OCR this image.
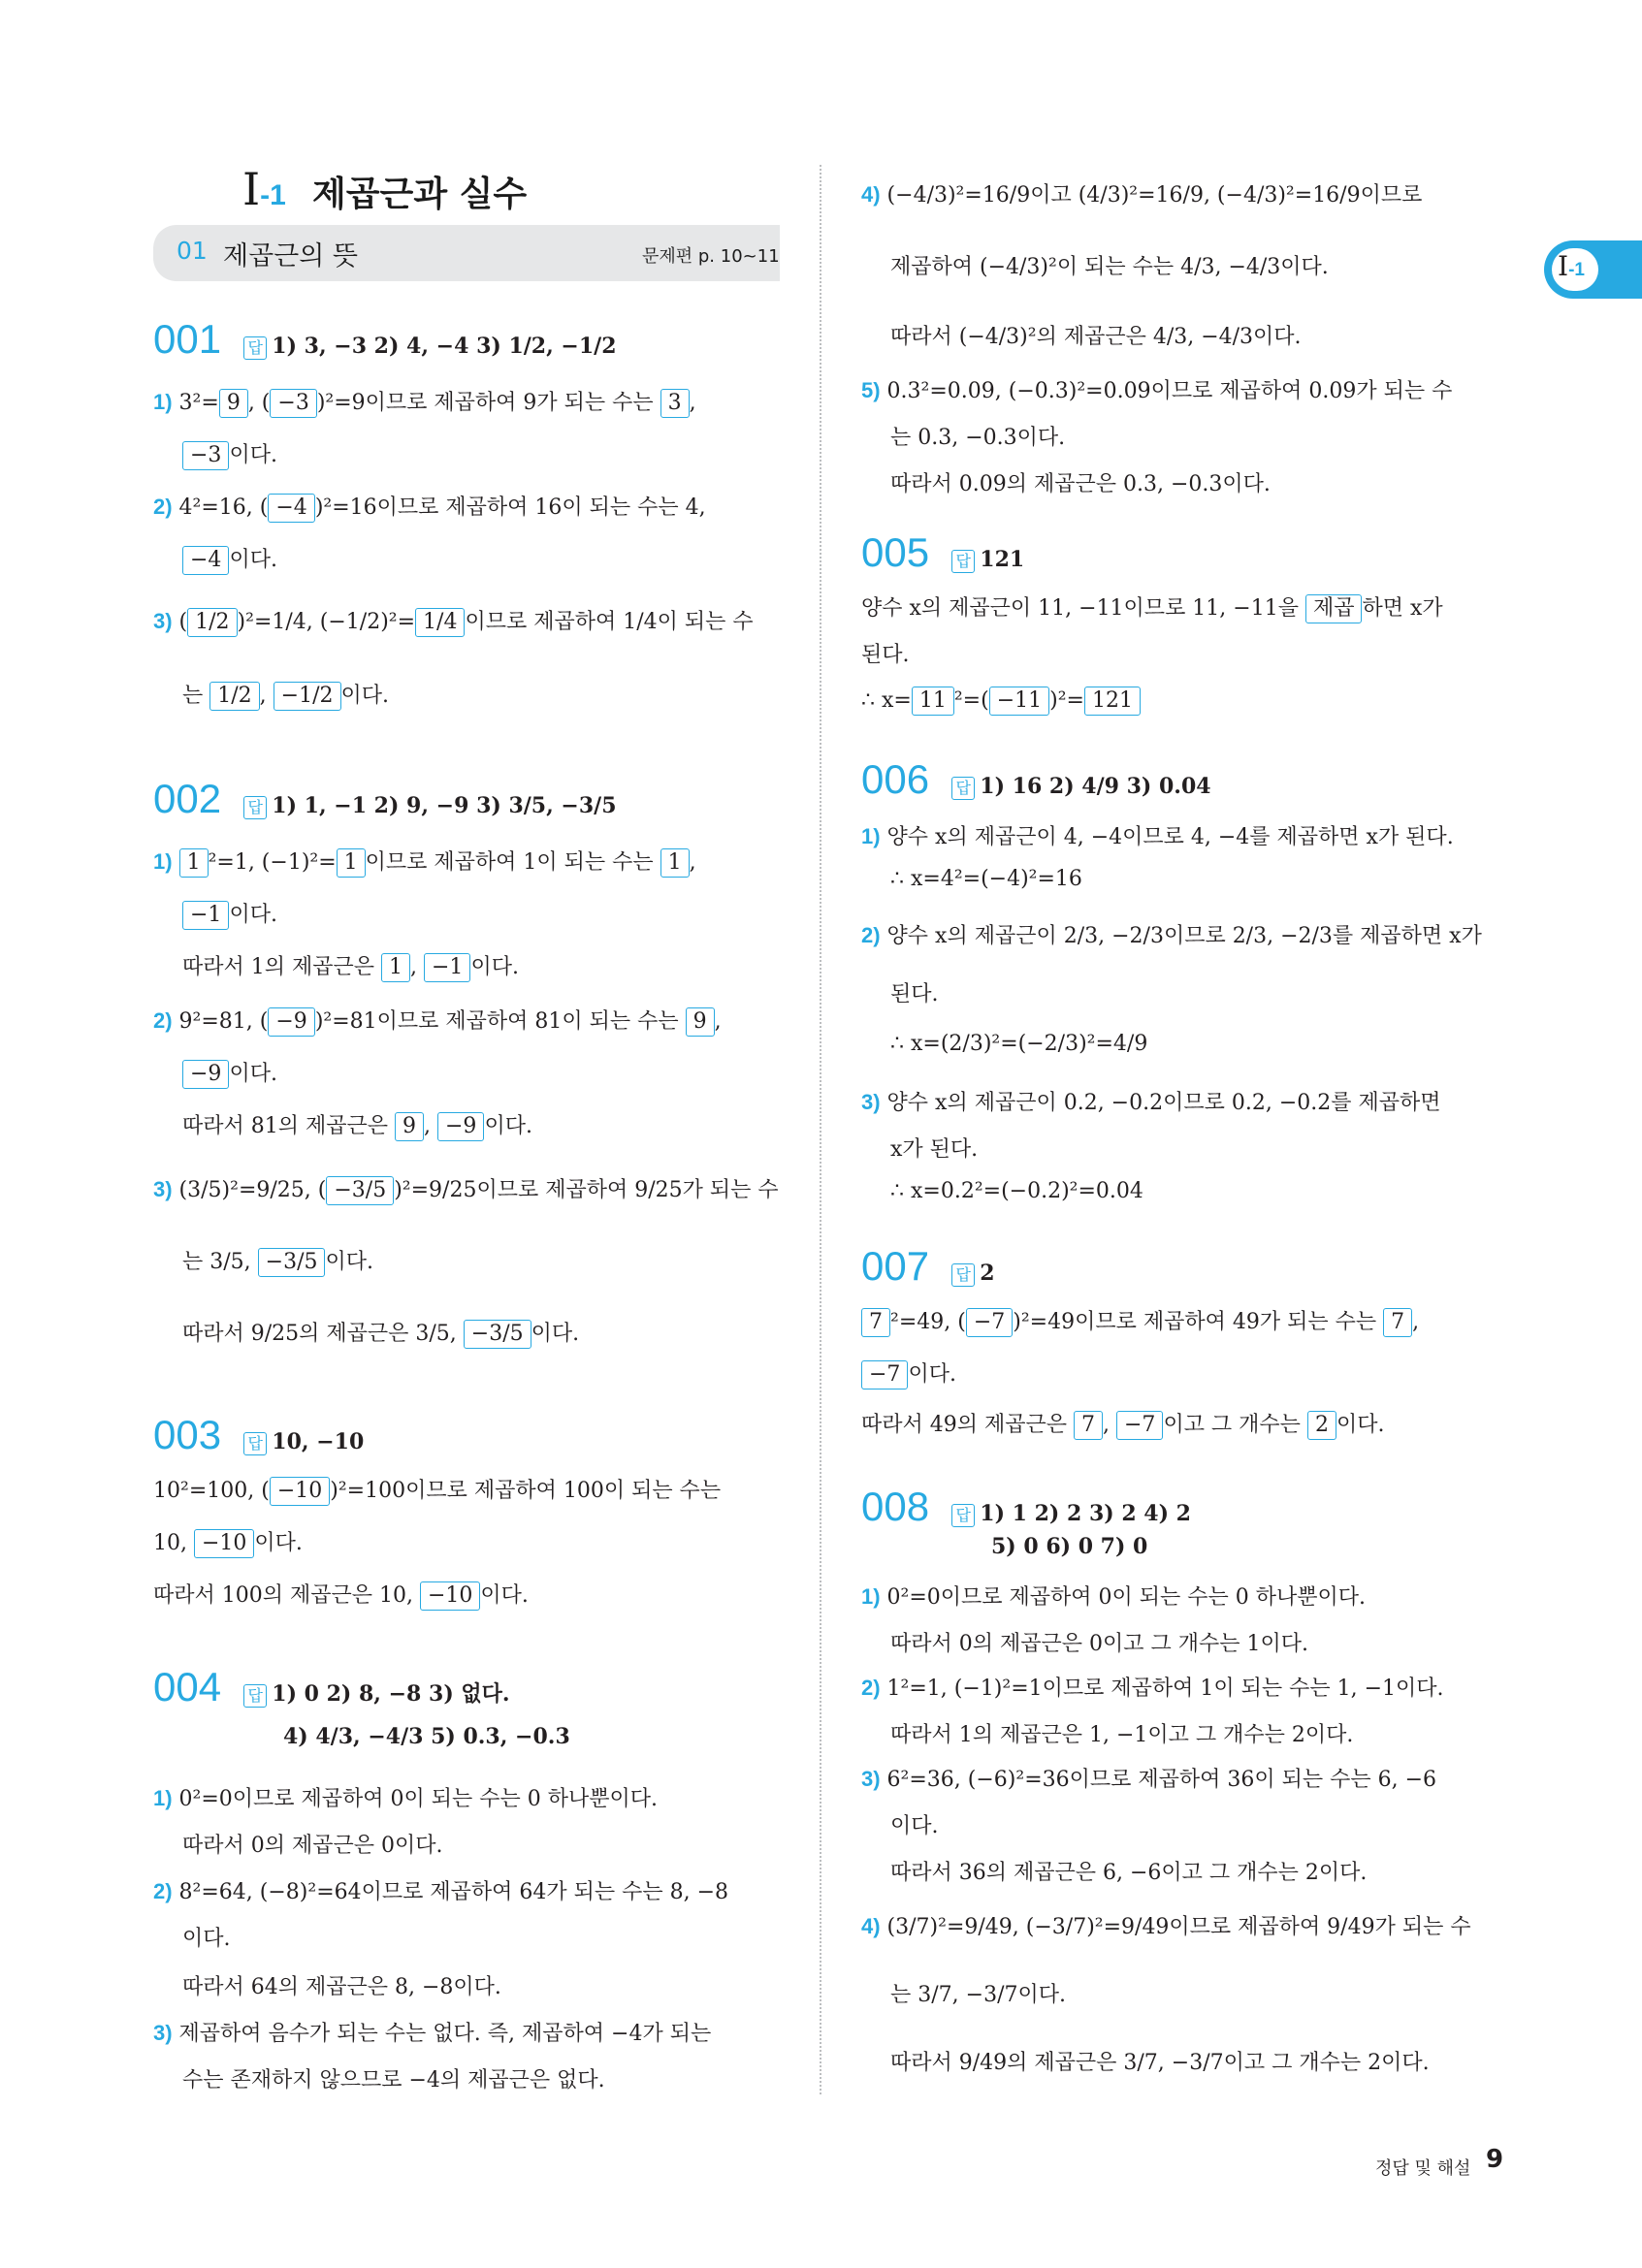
I-1 제곱근과 실수
01 제곱근의 뜻	문제편 p. 10~11	I-1
001 답 1) 3, −3 2) 4, −4 3) 1/2, −1/2
1) 3²= 9 , ( −3 )²=9이므로 제곱하여 9가 되는 수는 3 ,
−3 이다.
2) 4²=16, ( −4 )²=16이므로 제곱하여 16이 되는 수는 4,
−4 이다.
3) ( 1/2 )²=1/4, (−1/2)²= 1/4 이므로 제곱하여 1/4이 되는 수
는 1/2 , −1/2 이다.
002 답 1) 1, −1 2) 9, −9 3) 3/5, −3/5
1) 1 ²=1, (−1)²= 1 이므로 제곱하여 1이 되는 수는 1 ,
−1 이다.
따라서 1의 제곱근은 1 , −1 이다.
2) 9²=81, ( −9 )²=81이므로 제곱하여 81이 되는 수는 9 ,
−9 이다.
따라서 81의 제곱근은 9 , −9 이다.
3) (3/5)²=9/25, ( −3/5 )²=9/25이므로 제곱하여 9/25가 되는 수
는 3/5, −3/5 이다.
따라서 9/25의 제곱근은 3/5, −3/5 이다.
003 답 10, −10
10²=100, ( −10 )²=100이므로 제곱하여 100이 되는 수는
10, −10 이다.
따라서 100의 제곱근은 10, −10 이다.
004 답 1) 0 2) 8, −8 3) 없다.
4) 4/3, −4/3 5) 0.3, −0.3
1) 0²=0이므로 제곱하여 0이 되는 수는 0 하나뿐이다.
따라서 0의 제곱근은 0이다.
2) 8²=64, (−8)²=64이므로 제곱하여 64가 되는 수는 8, −8
이다.
따라서 64의 제곱근은 8, −8이다.
3) 제곱하여 음수가 되는 수는 없다. 즉, 제곱하여 −4가 되는
수는 존재하지 않으므로 −4의 제곱근은 없다.
4) (−4/3)²=16/9이고 (4/3)²=16/9, (−4/3)²=16/9이므로
제곱하여 (−4/3)²이 되는 수는 4/3, −4/3이다.
따라서 (−4/3)²의 제곱근은 4/3, −4/3이다.
5) 0.3²=0.09, (−0.3)²=0.09이므로 제곱하여 0.09가 되는 수
는 0.3, −0.3이다.
따라서 0.09의 제곱근은 0.3, −0.3이다.
005 답 121
양수 x의 제곱근이 11, −11이므로 11, −11을 제곱 하면 x가
된다.
∴ x= 11 ²=( −11 )²= 121
006 답 1) 16 2) 4/9 3) 0.04
1) 양수 x의 제곱근이 4, −4이므로 4, −4를 제곱하면 x가 된다.
∴ x=4²=(−4)²=16
2) 양수 x의 제곱근이 2/3, −2/3이므로 2/3, −2/3를 제곱하면 x가
된다.
∴ x=(2/3)²=(−2/3)²=4/9
3) 양수 x의 제곱근이 0.2, −0.2이므로 0.2, −0.2를 제곱하면
x가 된다.
∴ x=0.2²=(−0.2)²=0.04
007 답 2
7 ²=49, ( −7 )²=49이므로 제곱하여 49가 되는 수는 7 ,
−7 이다.
따라서 49의 제곱근은 7 , −7 이고 그 개수는 2 이다.
008 답 1) 1 2) 2 3) 2 4) 2
5) 0 6) 0 7) 0
1) 0²=0이므로 제곱하여 0이 되는 수는 0 하나뿐이다.
따라서 0의 제곱근은 0이고 그 개수는 1이다.
2) 1²=1, (−1)²=1이므로 제곱하여 1이 되는 수는 1, −1이다.
따라서 1의 제곱근은 1, −1이고 그 개수는 2이다.
3) 6²=36, (−6)²=36이므로 제곱하여 36이 되는 수는 6, −6
이다.
따라서 36의 제곱근은 6, −6이고 그 개수는 2이다.
4) (3/7)²=9/49, (−3/7)²=9/49이므로 제곱하여 9/49가 되는 수
는 3/7, −3/7이다.
따라서 9/49의 제곱근은 3/7, −3/7이고 그 개수는 2이다.
정답 및 해설 9
